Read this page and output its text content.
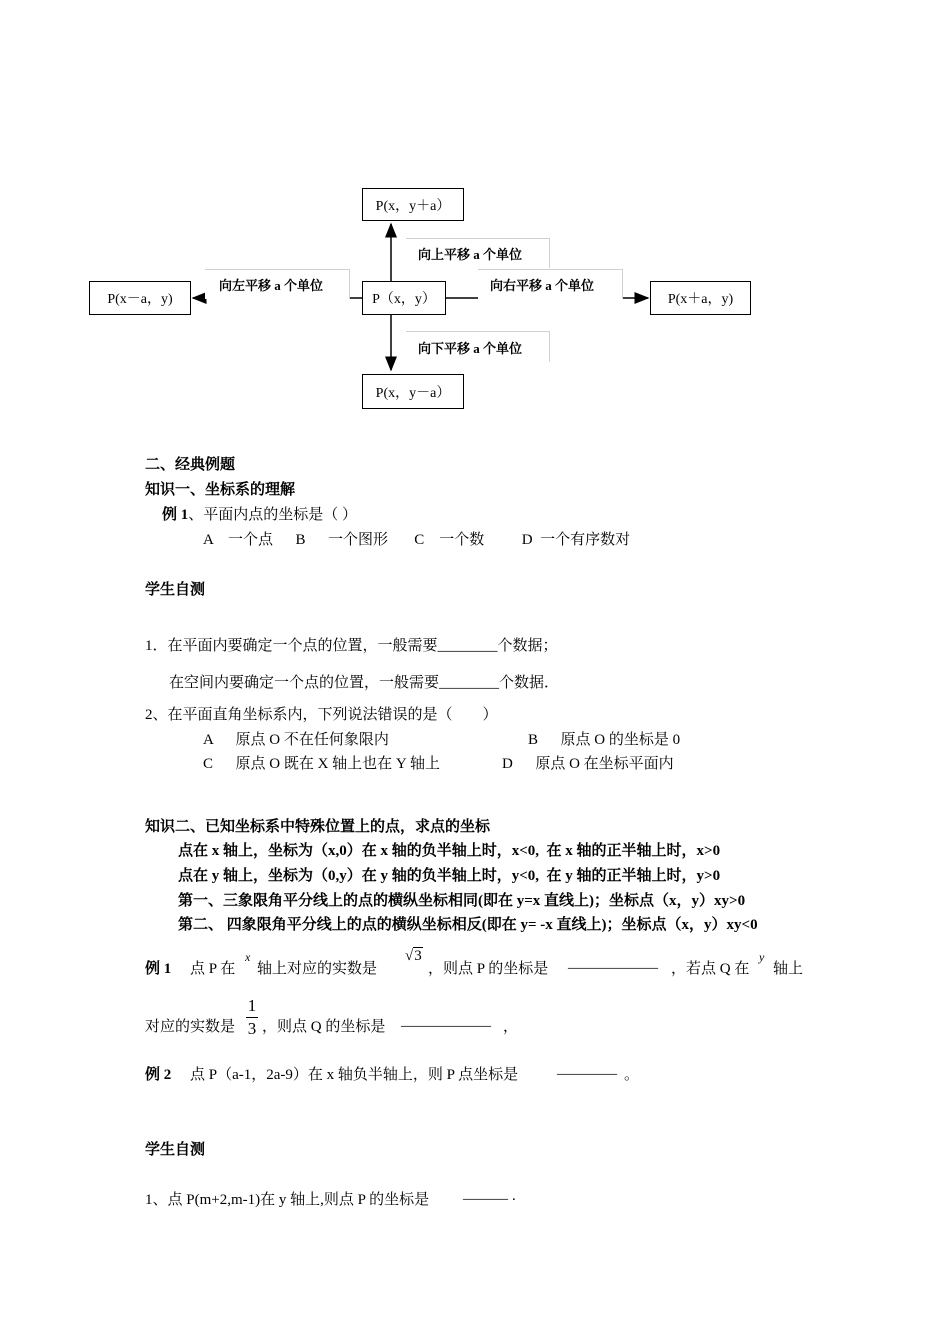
向上平移 a 个单位
向下平移 a 个单位
向左平移 a 个单位	向右平移 a 个单位
P(x，y＋a）
P（x，y）
P(x－a，y)	P(x＋a，y)
P(x，y－a）
二、经典例题
知识一、坐标系的理解
例 1、平面内点的坐标是（ ）
A    一个点      B      一个图形       C    一个数          D  一个有序数对
学生自测
1．在平面内要确定一个点的位置，一般需要________个数据；
在空间内要确定一个点的位置，一般需要________个数据．
2、在平面直角坐标系内，下列说法错误的是（        ）
A      原点 O 不在任何象限内	B      原点 O 的坐标是 0
C      原点 O 既在 X 轴上也在 Y 轴上	D      原点 O 在坐标平面内
知识二、已知坐标系中特殊位置上的点，求点的坐标
点在 x 轴上，坐标为（x,0）在 x 轴的负半轴上时，x<0,  在 x 轴的正半轴上时，x>0
点在 y 轴上，坐标为（0,y）在 y 轴的负半轴上时，y<0,  在 y 轴的正半轴上时，y>0
第一、三象限角平分线上的点的横纵坐标相同(即在 y=x 直线上)；坐标点（x，y）xy>0
第二、 四象限角平分线上的点的横纵坐标相反(即在 y= -x 直线上)；坐标点（x，y）xy<0
例 1 点 P 在
x
轴上对应的实数是
√3
，则点 P 的坐标是 ____________ ，若点 Q 在
y
轴上
对应的实数是
1
3 ，则点 Q 的坐标是 ____________ ，
例 2 点 P（a-1，2a-9）在 x 轴负半轴上，则 P 点坐标是	________ 。
学生自测
1、点 P(m+2,m-1)在 y 轴上,则点 P 的坐标是 ______ .
